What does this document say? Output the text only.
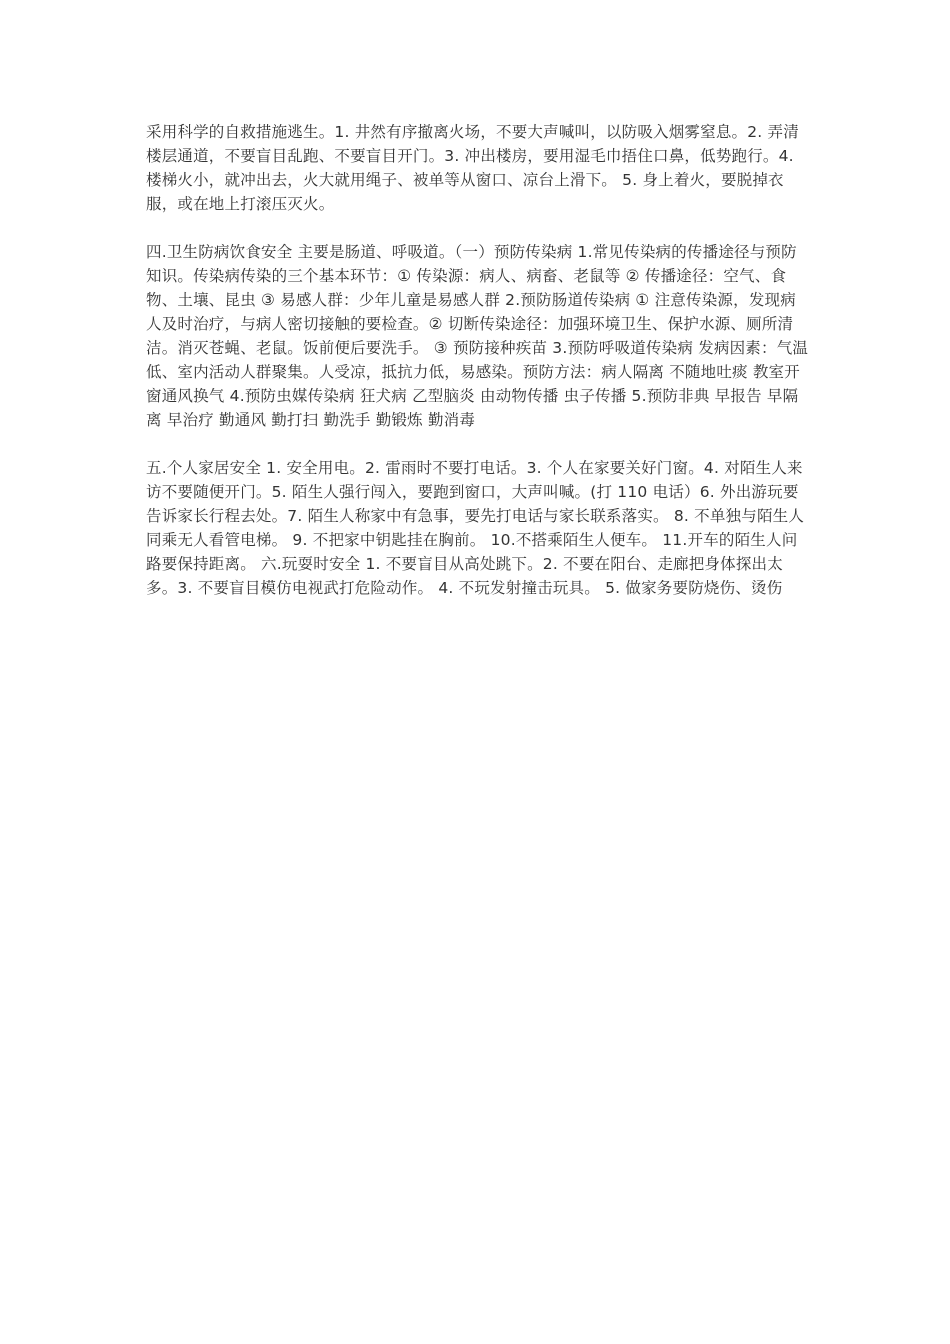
采用科学的自救措施逃生。1. 井然有序撤离火场，不要大声喊叫，以防吸入烟雾窒息。2. 弄清楼层通道，不要盲目乱跑、不要盲目开门。3. 冲出楼房，要用湿毛巾捂住口鼻，低势跑行。4. 楼梯火小，就冲出去，火大就用绳子、被单等从窗口、凉台上滑下。 5. 身上着火，要脱掉衣服，或在地上打滚压灭火。

四.卫生防病饮食安全 主要是肠道、呼吸道。（一）预防传染病 1.常见传染病的传播途径与预防知识。传染病传染的三个基本环节：① 传染源：病人、病畜、老鼠等 ② 传播途径：空气、食物、土壤、昆虫 ③ 易感人群：少年儿童是易感人群 2.预防肠道传染病 ① 注意传染源，发现病人及时治疗，与病人密切接触的要检查。② 切断传染途径：加强环境卫生、保护水源、厕所清洁。消灭苍蝇、老鼠。饭前便后要洗手。 ③ 预防接种疾苗 3.预防呼吸道传染病 发病因素：气温低、室内活动人群聚集。人受凉，抵抗力低，易感染。预防方法：病人隔离 不随地吐痰 教室开窗通风换气 4.预防虫媒传染病 狂犬病 乙型脑炎 由动物传播 虫子传播 5.预防非典 早报告 早隔离 早治疗 勤通风 勤打扫 勤洗手 勤锻炼 勤消毒

五.个人家居安全 1. 安全用电。2. 雷雨时不要打电话。3. 个人在家要关好门窗。4. 对陌生人来访不要随便开门。5. 陌生人强行闯入，要跑到窗口，大声叫喊。(打 110 电话）6. 外出游玩要告诉家长行程去处。7. 陌生人称家中有急事，要先打电话与家长联系落实。 8. 不单独与陌生人同乘无人看管电梯。 9. 不把家中钥匙挂在胸前。 10.不搭乘陌生人便车。 11.开车的陌生人问路要保持距离。 六.玩耍时安全 1. 不要盲目从高处跳下。2. 不要在阳台、走廊把身体探出太多。3. 不要盲目模仿电视武打危险动作。 4. 不玩发射撞击玩具。 5. 做家务要防烧伤、烫伤
